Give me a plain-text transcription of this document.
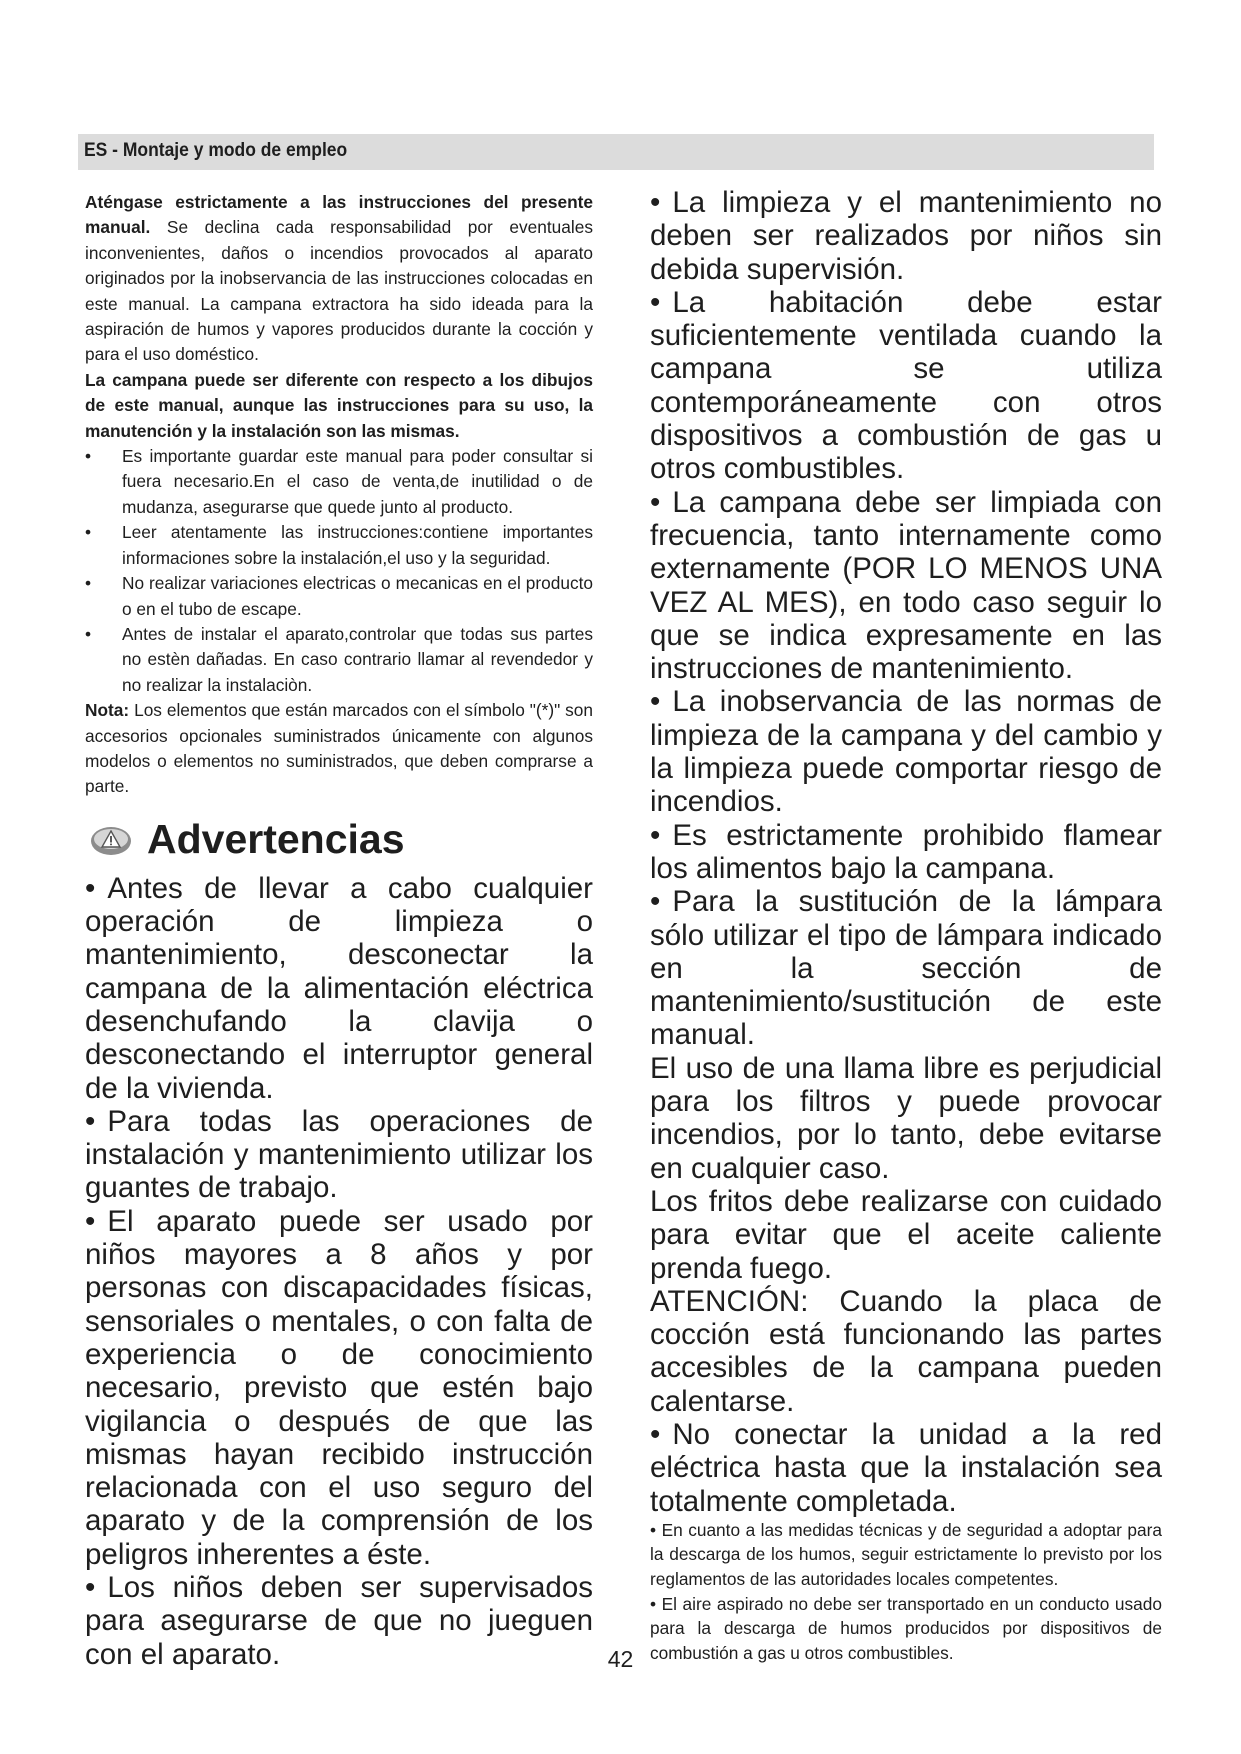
ES - Montaje y modo de empleo

Aténgase estrictamente a las instrucciones del presente manual. Se declina cada responsabilidad por eventuales inconvenientes, daños o incendios provocados al aparato originados por la inobservancia de las instrucciones colocadas en este manual. La campana extractora ha sido ideada para la aspiración de humos y vapores producidos durante la cocción y para el uso doméstico.

La campana puede ser diferente con respecto a los dibujos de este manual, aunque las instrucciones para su uso, la manutención y la instalación son las mismas.

• Es importante guardar este manual para poder consultar si fuera necesario.En el caso de venta,de inutilidad o de mudanza, asegurarse que quede junto al producto.

• Leer atentamente las instrucciones:contiene importantes informaciones sobre la instalación,el uso y la seguridad.

• No realizar variaciones electricas o mecanicas en el producto o en el tubo de escape.

• Antes de instalar el aparato,controlar que todas sus partes no estèn dañadas. En caso contrario llamar al revendedor y no realizar la instalaciòn.

Nota: Los elementos que están marcados con el símbolo "(*)" son accesorios opcionales suministrados únicamente con algunos modelos o elementos no suministrados, que deben comprarse a parte.

Advertencias

• Antes de llevar a cabo cualquier operación de limpieza o mantenimiento, desconectar la campana de la alimentación eléctrica desenchufando la clavija o desconectando el interruptor general de la vivienda.

• Para todas las operaciones de instalación y mantenimiento utilizar los guantes de trabajo.

• El aparato puede ser usado por niños mayores a 8 años y por personas con discapacidades físicas, sensoriales o mentales, o con falta de experiencia o de conocimiento necesario, previsto que estén bajo vigilancia o después de que las mismas hayan recibido instrucción relacionada con el uso seguro del aparato y de la comprensión de los peligros inherentes a éste.

• Los niños deben ser supervisados para asegurarse de que no jueguen con el aparato.

• La limpieza y el mantenimiento no deben ser realizados por niños sin debida supervisión.

• La habitación debe estar suficientemente ventilada cuando la campana se utiliza contemporáneamente con otros dispositivos a combustión de gas u otros combustibles.

• La campana debe ser limpiada con frecuencia, tanto internamente como externamente (POR LO MENOS UNA VEZ AL MES), en todo caso seguir lo que se indica expresamente en las instrucciones de mantenimiento.

• La inobservancia de las normas de limpieza de la campana y del cambio y la limpieza puede comportar riesgo de incendios.

• Es estrictamente prohibido flamear los alimentos bajo la campana.

• Para la sustitución de la lámpara sólo utilizar el tipo de lámpara indicado en la sección de mantenimiento/sustitución de este manual.

El uso de una llama libre es perjudicial para los filtros y puede provocar incendios, por lo tanto, debe evitarse en cualquier caso.

Los fritos debe realizarse con cuidado para evitar que el aceite caliente prenda fuego.

ATENCIÓN: Cuando la placa de cocción está funcionando las partes accesibles de la campana pueden calentarse.

• No conectar la unidad a la red eléctrica hasta que la instalación sea totalmente completada.

• En cuanto a las medidas técnicas y de seguridad a adoptar para la descarga de los humos, seguir estrictamente lo previsto por los reglamentos de las autoridades locales competentes.

• El aire aspirado no debe ser transportado en un conducto usado para la descarga de humos producidos por dispositivos de combustión a gas u otros combustibles.

42
